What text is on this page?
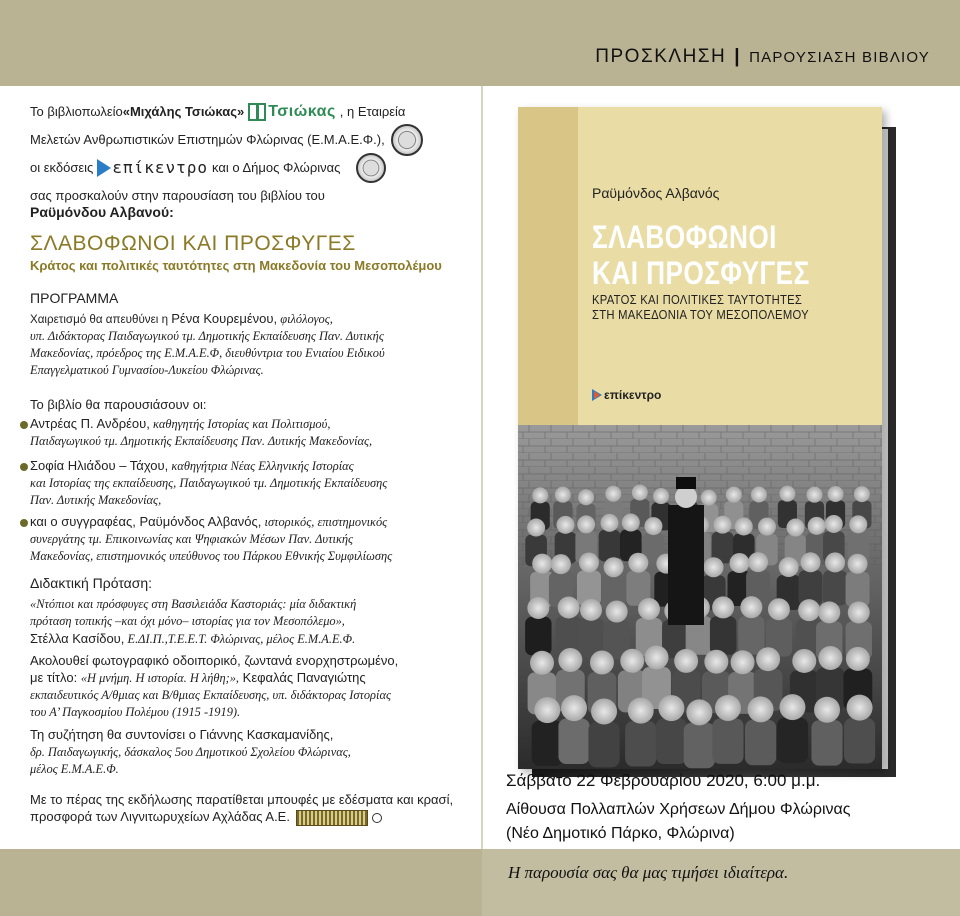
ΠΡΟΣΚΛΗΣΗ | ΠΑΡΟΥΣΙΑΣΗ ΒΙΒΛΙΟΥ
Το βιβλιοπωλείο «Μιχάλης Τσιώκας» Τσιώκας , η Εταιρεία
Μελετών Ανθρωπιστικών Επιστημών Φλώρινας (Ε.Μ.Α.Ε.Φ.) ,
οι εκδόσεις επίκεντρο και ο Δήμος Φλώρινας
σας προσκαλούν στην παρουσίαση του βιβλίου του
Ραϋμόνδου Αλβανού:
ΣΛΑΒΟΦΩΝΟΙ ΚΑΙ ΠΡΟΣΦΥΓΕΣ
Κράτος και πολιτικές ταυτότητες στη Μακεδονία του Μεσοπολέμου
ΠΡΟΓΡΑΜΜΑ
Χαιρετισμό θα απευθύνει η Ρένα Κουρεμένου, φιλόλογος,
υπ. Διδάκτορας Παιδαγωγικού τμ. Δημοτικής Εκπαίδευσης Παν. Δυτικής
Μακεδονίας, πρόεδρος της Ε.Μ.Α.Ε.Φ, διευθύντρια του Ενιαίου Ειδικού
Επαγγελματικού Γυμνασίου-Λυκείου Φλώρινας.
Το βιβλίο θα παρουσιάσουν οι:
Αντρέας Π. Ανδρέου, καθηγητής Ιστορίας και Πολιτισμού,
Παιδαγωγικού τμ. Δημοτικής Εκπαίδευσης Παν. Δυτικής Μακεδονίας,
Σοφία Ηλιάδου – Τάχου, καθηγήτρια Νέας Ελληνικής Ιστορίας
και Ιστορίας της εκπαίδευσης, Παιδαγωγικού τμ. Δημοτικής Εκπαίδευσης
Παν. Δυτικής Μακεδονίας,
και ο συγγραφέας, Ραϋμόνδος Αλβανός, ιστορικός, επιστημονικός
συνεργάτης τμ. Επικοινωνίας και Ψηφιακών Μέσων Παν. Δυτικής
Μακεδονίας, επιστημονικός υπεύθυνος του Πάρκου Εθνικής Συμφιλίωσης
Διδακτική Πρόταση:
«Ντόπιοι και πρόσφυγες στη Βασιλειάδα Καστοριάς: μία διδακτική
πρόταση τοπικής –και όχι μόνο– ιστορίας για τον Μεσοπόλεμο»,
Στέλλα Κασίδου, Ε.ΔΙ.Π.,Τ.Ε.Ε.Τ. Φλώρινας, μέλος Ε.Μ.Α.Ε.Φ.
Ακολουθεί φωτογραφικό οδοιπορικό, ζωντανά ενορχηστρωμένο,
με τίτλο: «Η μνήμη. Η ιστορία. Η λήθη;», Κεφαλάς Παναγιώτης
εκπαιδευτικός Α/θμιας και Β/θμιας Εκπαίδευσης, υπ. διδάκτορας Ιστορίας
του Α’ Παγκοσμίου Πολέμου (1915 -1919).
Τη συζήτηση θα συντονίσει ο Γιάννης Κασκαμανίδης,
δρ. Παιδαγωγικής, δάσκαλος 5ου Δημοτικού Σχολείου Φλώρινας,
μέλος Ε.Μ.Α.Ε.Φ.
Με το πέρας της εκδήλωσης παρατίθεται μπουφές με εδέσματα και κρασί,
προσφορά των Λιγνιτωρυχείων Αχλάδας Α.Ε.
Ραϋμόνδος Αλβανός
ΣΛΑΒΟΦΩΝΟΙ
ΚΑΙ ΠΡΟΣΦΥΓΕΣ
ΚΡΑΤΟΣ ΚΑΙ ΠΟΛΙΤΙΚΕΣ ΤΑΥΤΟΤΗΤΕΣ
ΣΤΗ ΜΑΚΕΔΟΝΙΑ ΤΟΥ ΜΕΣΟΠΟΛΕΜΟΥ
επίκεντρο
Σάββατο 22 Φεβρουαρίου 2020, 6:00 μ.μ.
Αίθουσα Πολλαπλών Χρήσεων Δήμου Φλώρινας
(Νέο Δημοτικό Πάρκο, Φλώρινα)
Η παρουσία σας θα μας τιμήσει ιδιαίτερα.
